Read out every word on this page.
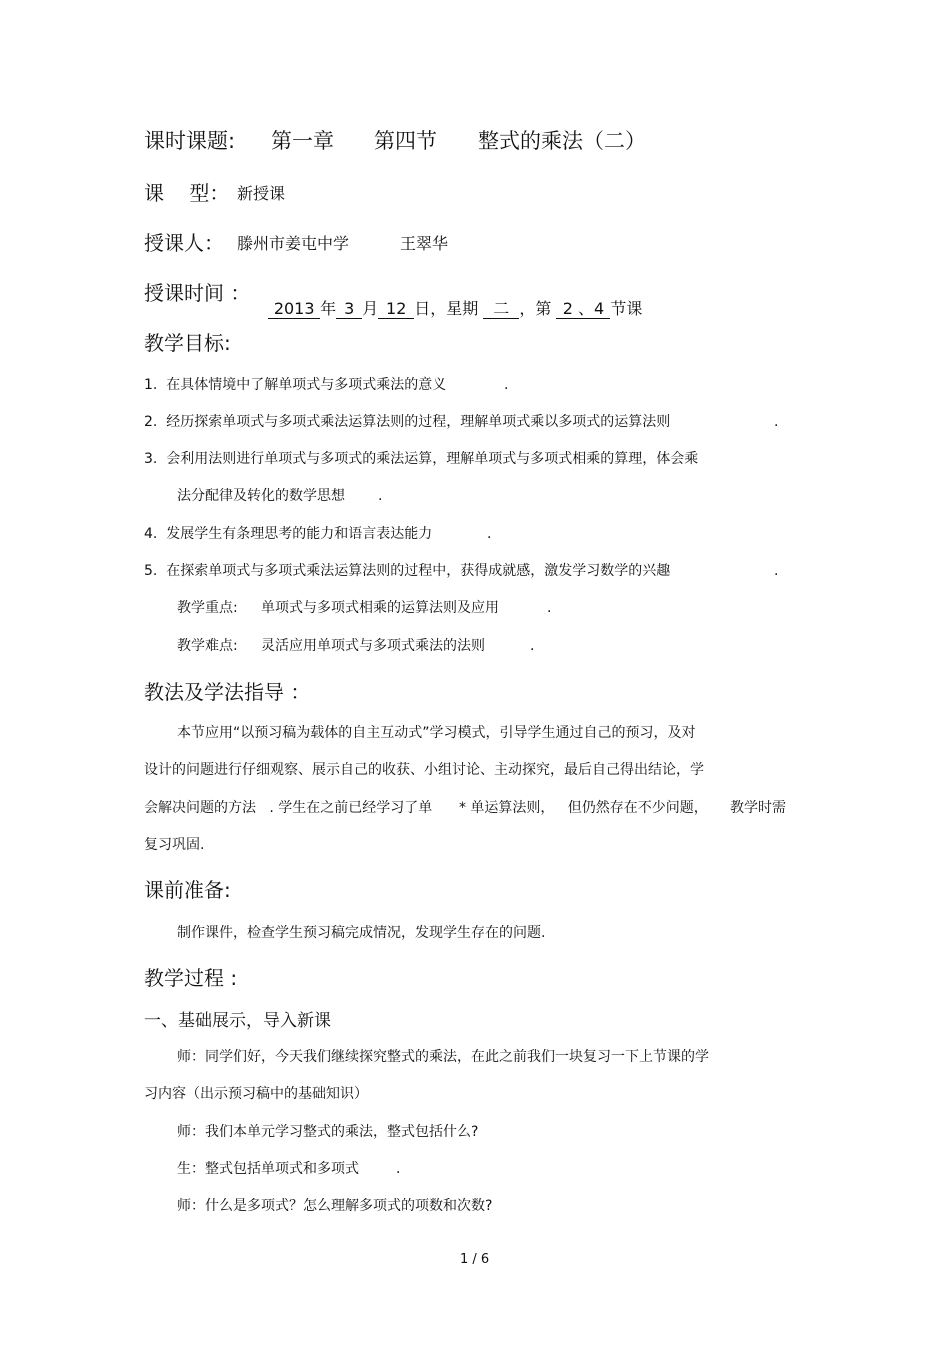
课时课题: 第一章 第四节 整式的乘法（二）
课    型： 新授课
授课人： 滕州市姜屯中学	王翠华
授课时间 ：

2013 年 3 月 12 日，星期 二 ，第 2 、4 节课

教学目标:
1.  在具体情境中了解单项式与多项式乘法的意义	.
2.  经历探索单项式与多项式乘法运算法则的过程，理解单项式乘以多项式的运算法则	.
3.  会利用法则进行单项式与多项式的乘法运算，理解单项式与多项式相乘的算理，体会乘
法分配律及转化的数学思想 .
4.  发展学生有条理思考的能力和语言表达能力	.
5.  在探索单项式与多项式乘法运算法则的过程中，获得成就感，激发学习数学的兴趣	.
教学重点: 单项式与多项式相乘的运算法则及应用	.
教学难点: 灵活应用单项式与多项式乘法的法则	.
教法及学法指导 ：
本节应用“以预习稿为载体的自主互动式”学习模式，引导学生通过自己的预习，及对
设计的问题进行仔细观察、展示自己的收获、小组讨论、主动探究，最后自己得出结论，学
会解决问题的方法   . 学生在之前已经学习了单      * 单运算法则，   但仍然存在不少问题，     教学时需
复习巩固.
课前准备:
制作课件，检查学生预习稿完成情况，发现学生存在的问题.
教学过程 :
一、基础展示，导入新课
师：同学们好，今天我们继续探究整式的乘法，在此之前我们一块复习一下上节课的学
习内容（出示预习稿中的基础知识）
师：我们本单元学习整式的乘法，整式包括什么?
生：整式包括单项式和多项式	.
师：什么是多项式？怎么理解多项式的项数和次数?
1 / 6
